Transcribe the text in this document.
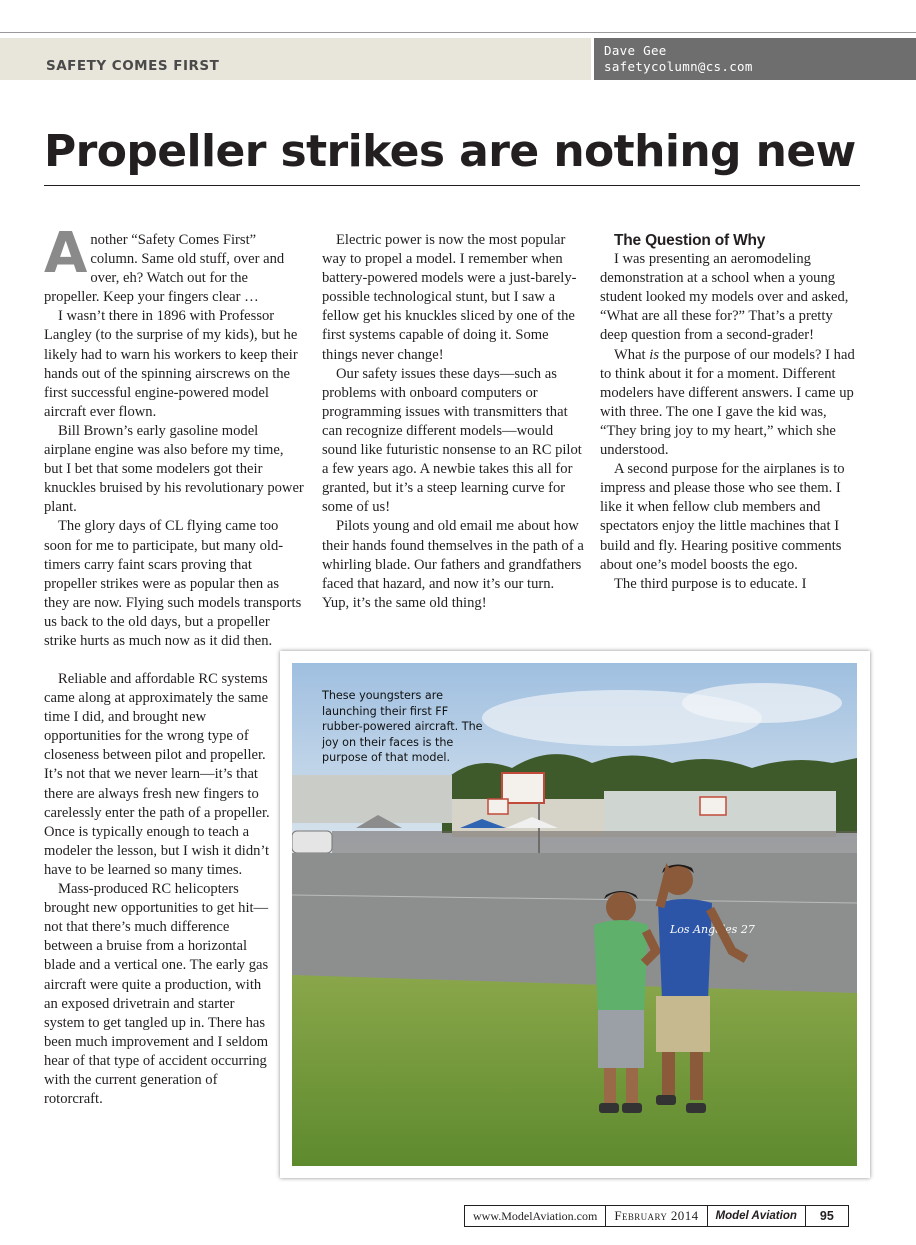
SAFETY COMES FIRST
Dave Gee
safetycolumn@cs.com
Propeller strikes are nothing new

Another “Safety Comes First” column. Same old stuff, over and over, eh? Watch out for the propeller. Keep your fingers clear …

I wasn’t there in 1896 with Professor Langley (to the surprise of my kids), but he likely had to warn his workers to keep their hands out of the spinning airscrews on the first successful engine-powered model aircraft ever flown.

Bill Brown’s early gasoline model airplane engine was also before my time, but I bet that some modelers got their knuckles bruised by his revolutionary power plant.

The glory days of CL flying came too soon for me to participate, but many old-timers carry faint scars proving that propeller strikes were as popular then as they are now. Flying such models transports us back to the old days, but a propeller strike hurts as much now as it did then.

Reliable and affordable RC systems came along at approximately the same time I did, and brought new opportunities for the wrong type of closeness between pilot and propeller. It’s not that we never learn—it’s that there are always fresh new fingers to carelessly enter the path of a propeller. Once is typically enough to teach a modeler the lesson, but I wish it didn’t have to be learned so many times.

Mass-produced RC helicopters brought new opportunities to get hit—not that there’s much difference between a bruise from a horizontal blade and a vertical one. The early gas aircraft were quite a production, with an exposed drivetrain and starter system to get tangled up in. There has been much improvement and I seldom hear of that type of accident occurring with the current generation of rotorcraft.

Electric power is now the most popular way to propel a model. I remember when battery-powered models were a just-barely-possible technological stunt, but I saw a fellow get his knuckles sliced by one of the first systems capable of doing it. Some things never change!

Our safety issues these days—such as problems with onboard computers or programming issues with transmitters that can recognize different models—would sound like futuristic nonsense to an RC pilot a few years ago. A newbie takes this all for granted, but it’s a steep learning curve for some of us!

Pilots young and old email me about how their hands found themselves in the path of a whirling blade. Our fathers and grandfathers faced that hazard, and now it’s our turn. Yup, it’s the same old thing!

The Question of Why

I was presenting an aeromodeling demonstration at a school when a young student looked my models over and asked, “What are all these for?” That’s a pretty deep question from a second-grader!

What is the purpose of our models? I had to think about it for a moment. Different modelers have different answers. I came up with three. The one I gave the kid was, “They bring joy to my heart,” which she understood.

A second purpose for the airplanes is to impress and please those who see them. I like it when fellow club members and spectators enjoy the little machines that I build and fly. Hearing positive comments about one’s model boosts the ego.

The third purpose is to educate. I

Los Angeles 27
These youngsters are launching their first FF rubber-powered aircraft. The joy on their faces is the purpose of that model.
www.ModelAviation.com	February 2014	Model Aviation	95
